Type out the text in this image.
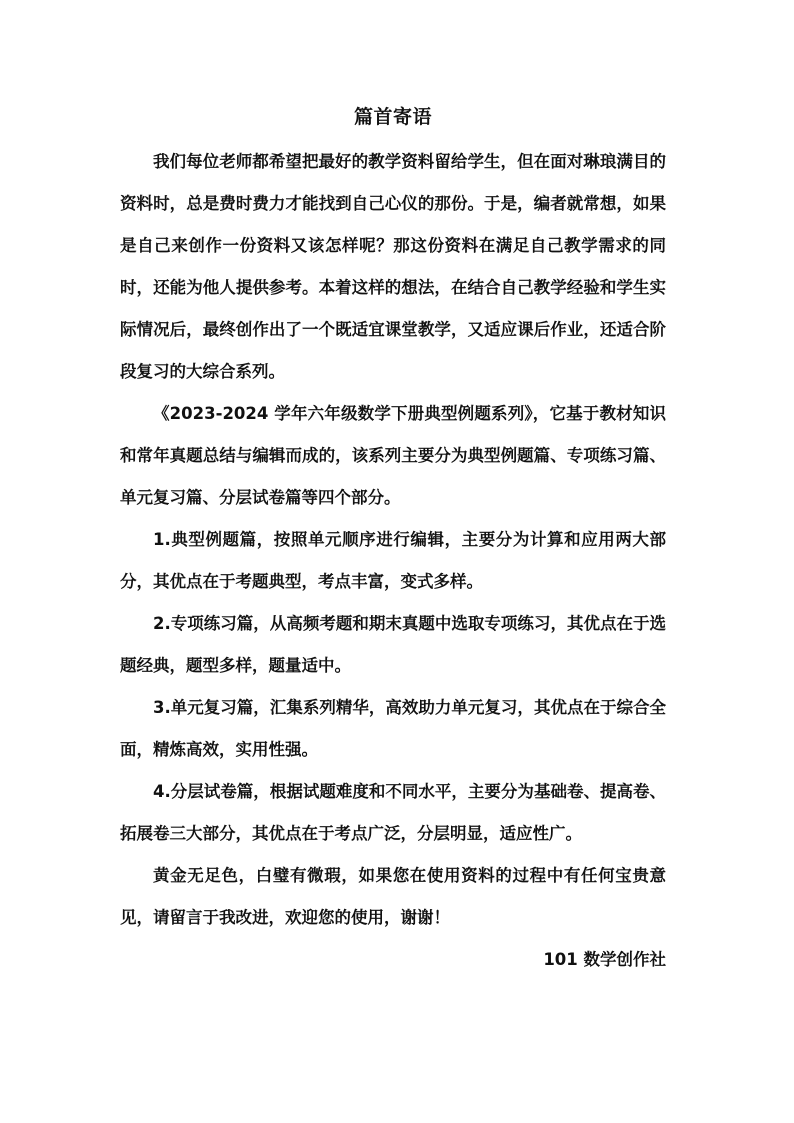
篇首寄语

我们每位老师都希望把最好的教学资料留给学生，但在面对琳琅满目的资料时，总是费时费力才能找到自己心仪的那份。于是，编者就常想，如果是自己来创作一份资料又该怎样呢？那这份资料在满足自己教学需求的同时，还能为他人提供参考。本着这样的想法，在结合自己教学经验和学生实际情况后，最终创作出了一个既适宜课堂教学，又适应课后作业，还适合阶段复习的大综合系列。

《2023-2024 学年六年级数学下册典型例题系列》，它基于教材知识和常年真题总结与编辑而成的，该系列主要分为典型例题篇、专项练习篇、单元复习篇、分层试卷篇等四个部分。

1.典型例题篇，按照单元顺序进行编辑，主要分为计算和应用两大部分，其优点在于考题典型，考点丰富，变式多样。

2.专项练习篇，从高频考题和期末真题中选取专项练习，其优点在于选题经典，题型多样，题量适中。

3.单元复习篇，汇集系列精华，高效助力单元复习，其优点在于综合全面，精炼高效，实用性强。

4.分层试卷篇，根据试题难度和不同水平，主要分为基础卷、提高卷、拓展卷三大部分，其优点在于考点广泛，分层明显，适应性广。

黄金无足色，白璧有微瑕，如果您在使用资料的过程中有任何宝贵意见，请留言于我改进，欢迎您的使用，谢谢！

101 数学创作社
